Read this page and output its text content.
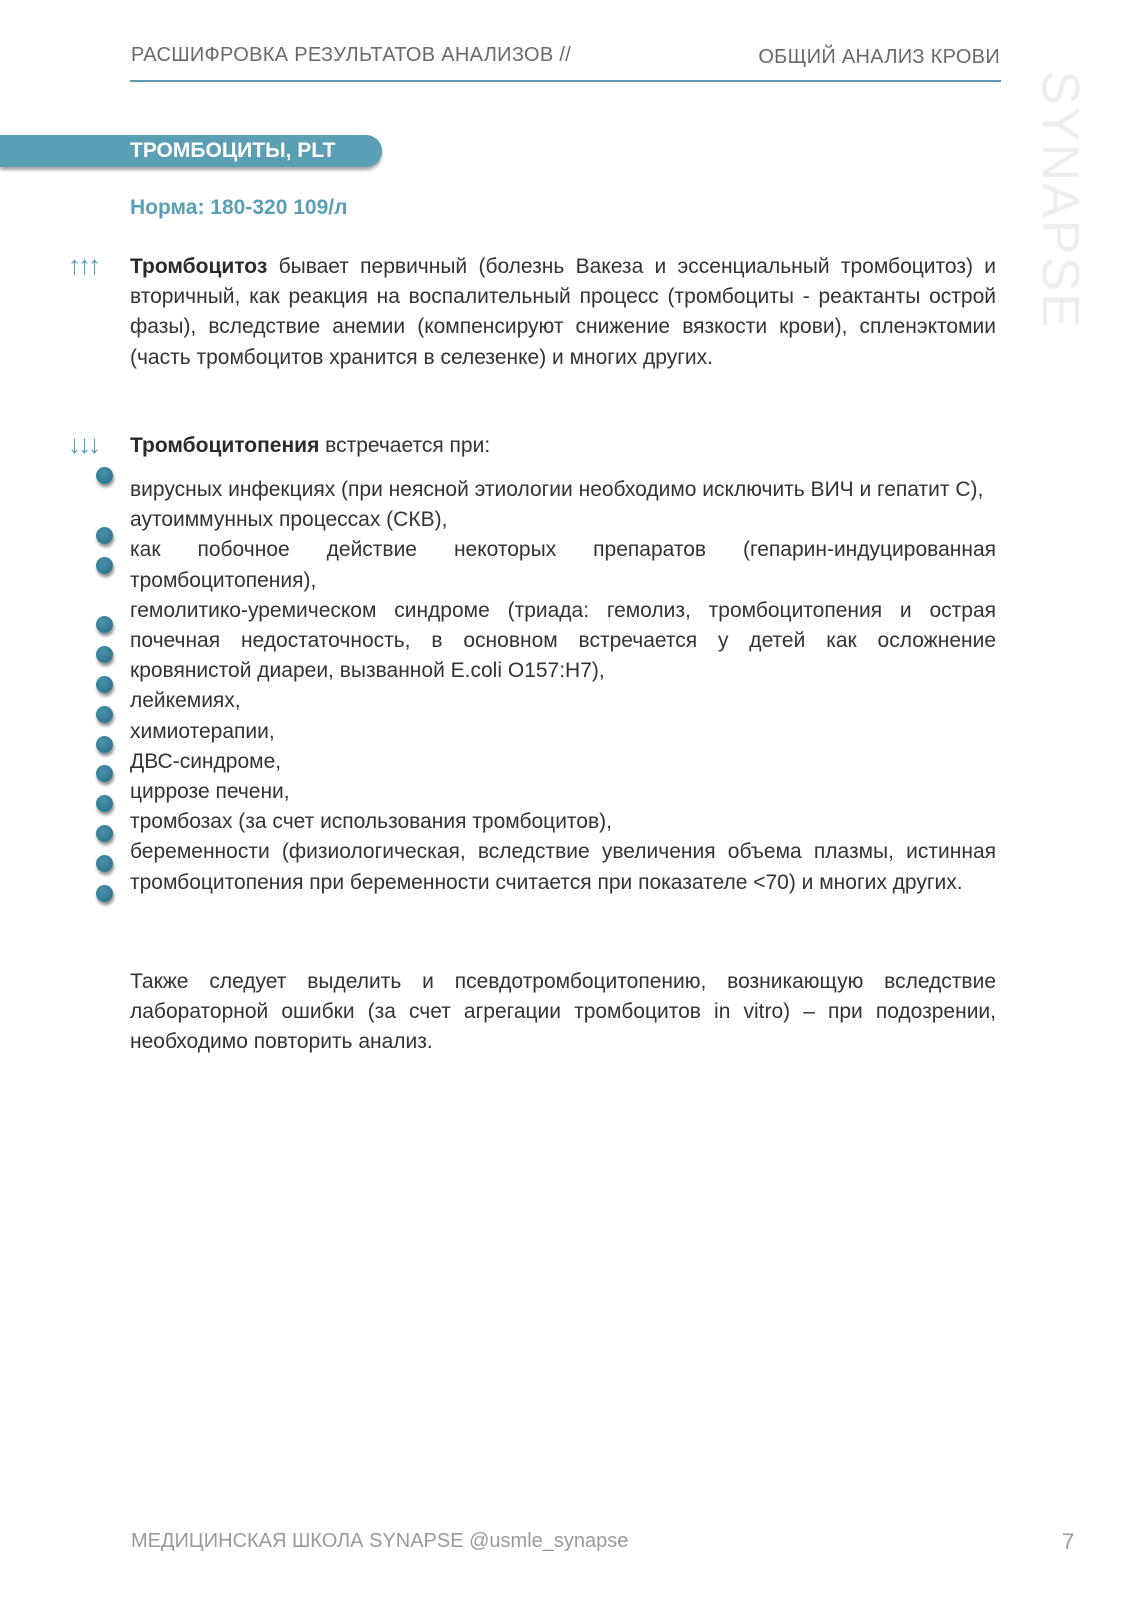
РАСШИФРОВКА РЕЗУЛЬТАТОВ АНАЛИЗОВ //	ОБЩИЙ АНАЛИЗ КРОВИ
SYNAPSE
ТРОМБОЦИТЫ, PLT
Норма: 180-320 109/л
↑↑↑ Тромбоцитоз бывает первичный (болезнь Вакеза и эссенциальный тромбоцитоз) и вторичный, как реакция на воспалительный процесс (тромбоциты - реактанты острой фазы), вследствие анемии (компенсируют снижение вязкости крови), спленэктомии (часть тромбоцитов хранится в селезенке) и многих других.
↓↓↓ Тромбоцитопения встречается при:
вирусных инфекциях (при неясной этиологии необходимо исключить ВИЧ и гепатит С),
аутоиммунных процессах (СКВ),
как побочное действие некоторых препаратов (гепарин-индуцированная тромбоцитопения),
гемолитико-уремическом синдроме (триада: гемолиз, тромбоцитопения и острая почечная недостаточность, в основном встречается у детей как осложнение кровянистой диареи, вызванной E.coli O157:H7),
лейкемиях,
химиотерапии,
ДВС-синдроме,
циррозе печени,
тромбозах (за счет использования тромбоцитов),
беременности (физиологическая, вследствие увеличения объема плазмы, истинная тромбоцитопения при беременности считается при показателе <70) и многих других.
Также следует выделить и псевдотромбоцитопению, возникающую вследствие лабораторной ошибки (за счет агрегации тромбоцитов in vitro) – при подозрении, необходимо повторить анализ.
МЕДИЦИНСКАЯ ШКОЛА SYNAPSE @usmle_synapse	7
